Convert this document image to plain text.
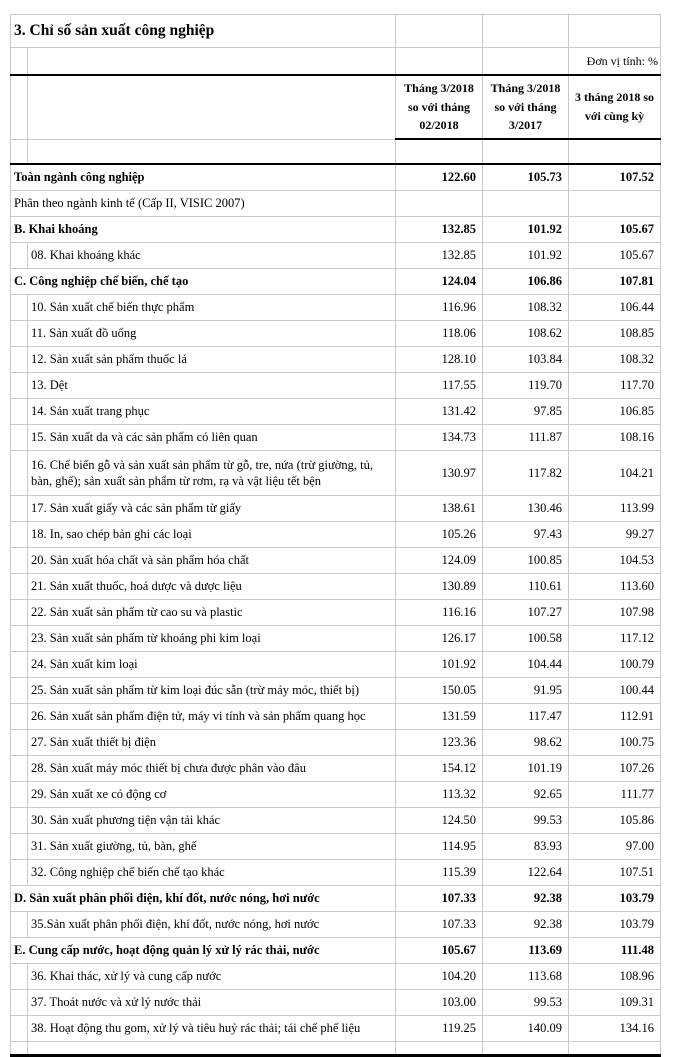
3. Chỉ số sản xuất công nghiệp				
				Đơn vị tính: %
		Tháng 3/2018 so với tháng 02/2018	Tháng 3/2018 so với tháng 3/2017	3 tháng 2018 so với cùng kỳ

Toàn ngành công nghiệp		122.60	105.73	107.52
Phân theo ngành kinh tế (Cấp II, VISIC 2007)				
B. Khai khoáng		132.85	101.92	105.67
	08. Khai khoáng khác	132.85	101.92	105.67
C. Công nghiệp chế biến, chế tạo		124.04	106.86	107.81
	10. Sản xuất chế biến thực phẩm	116.96	108.32	106.44
	11. Sản xuất đồ uống	118.06	108.62	108.85
	12. Sản xuất sản phẩm thuốc lá	128.10	103.84	108.32
	13. Dệt	117.55	119.70	117.70
	14. Sản xuất trang phục	131.42	97.85	106.85
	15. Sản xuất da và các sản phẩm có liên quan	134.73	111.87	108.16
	16. Chế biến gỗ và sản xuất sản phẩm từ gỗ, tre, nứa (trừ giường, tủ, bàn, ghế); sản xuất sản phẩm từ rơm, rạ và vật liệu tết bện	130.97	117.82	104.21
	17. Sản xuất giấy và các sản phẩm từ giấy	138.61	130.46	113.99
	18. In, sao chép bản ghi các loại	105.26	97.43	99.27
	20. Sản xuất hóa chất và sản phẩm hóa chất	124.09	100.85	104.53
	21. Sản xuất thuốc, hoá dược và dược liệu	130.89	110.61	113.60
	22. Sản xuất sản phẩm từ cao su và plastic	116.16	107.27	107.98
	23. Sản xuất sản phẩm từ khoáng phi kim loại	126.17	100.58	117.12
	24. Sản xuất kim loại	101.92	104.44	100.79
	25. Sản xuất sản phẩm từ kim loại đúc sẵn (trừ máy móc, thiết bị)	150.05	91.95	100.44
	26. Sản xuất sản phẩm điện tử, máy vi tính và sản phẩm quang học	131.59	117.47	112.91
	27. Sản xuất thiết bị điện	123.36	98.62	100.75
	28. Sản xuất máy móc thiết bị chưa được phân vào đâu	154.12	101.19	107.26
	29. Sản xuất xe có động cơ	113.32	92.65	111.77
	30. Sản xuất phương tiện vận tải khác	124.50	99.53	105.86
	31. Sản xuất giường, tủ, bàn, ghế	114.95	83.93	97.00
	32. Công nghiệp chế biến chế tạo khác	115.39	122.64	107.51
D. Sản xuất phân phối điện, khí đốt, nước nóng, hơi nước		107.33	92.38	103.79
	35.Sản xuất phân phối điện, khí đốt, nước nóng, hơi nước	107.33	92.38	103.79
E. Cung cấp nước, hoạt động quản lý xử lý rác thải, nước		105.67	113.69	111.48
	36. Khai thác, xử lý và cung cấp nước	104.20	113.68	108.96
	37. Thoát nước và xử lý nước thải	103.00	99.53	109.31
	38. Hoạt động thu gom, xử lý và tiêu huỷ rác thải; tái chế phế liệu	119.25	140.09	134.16
